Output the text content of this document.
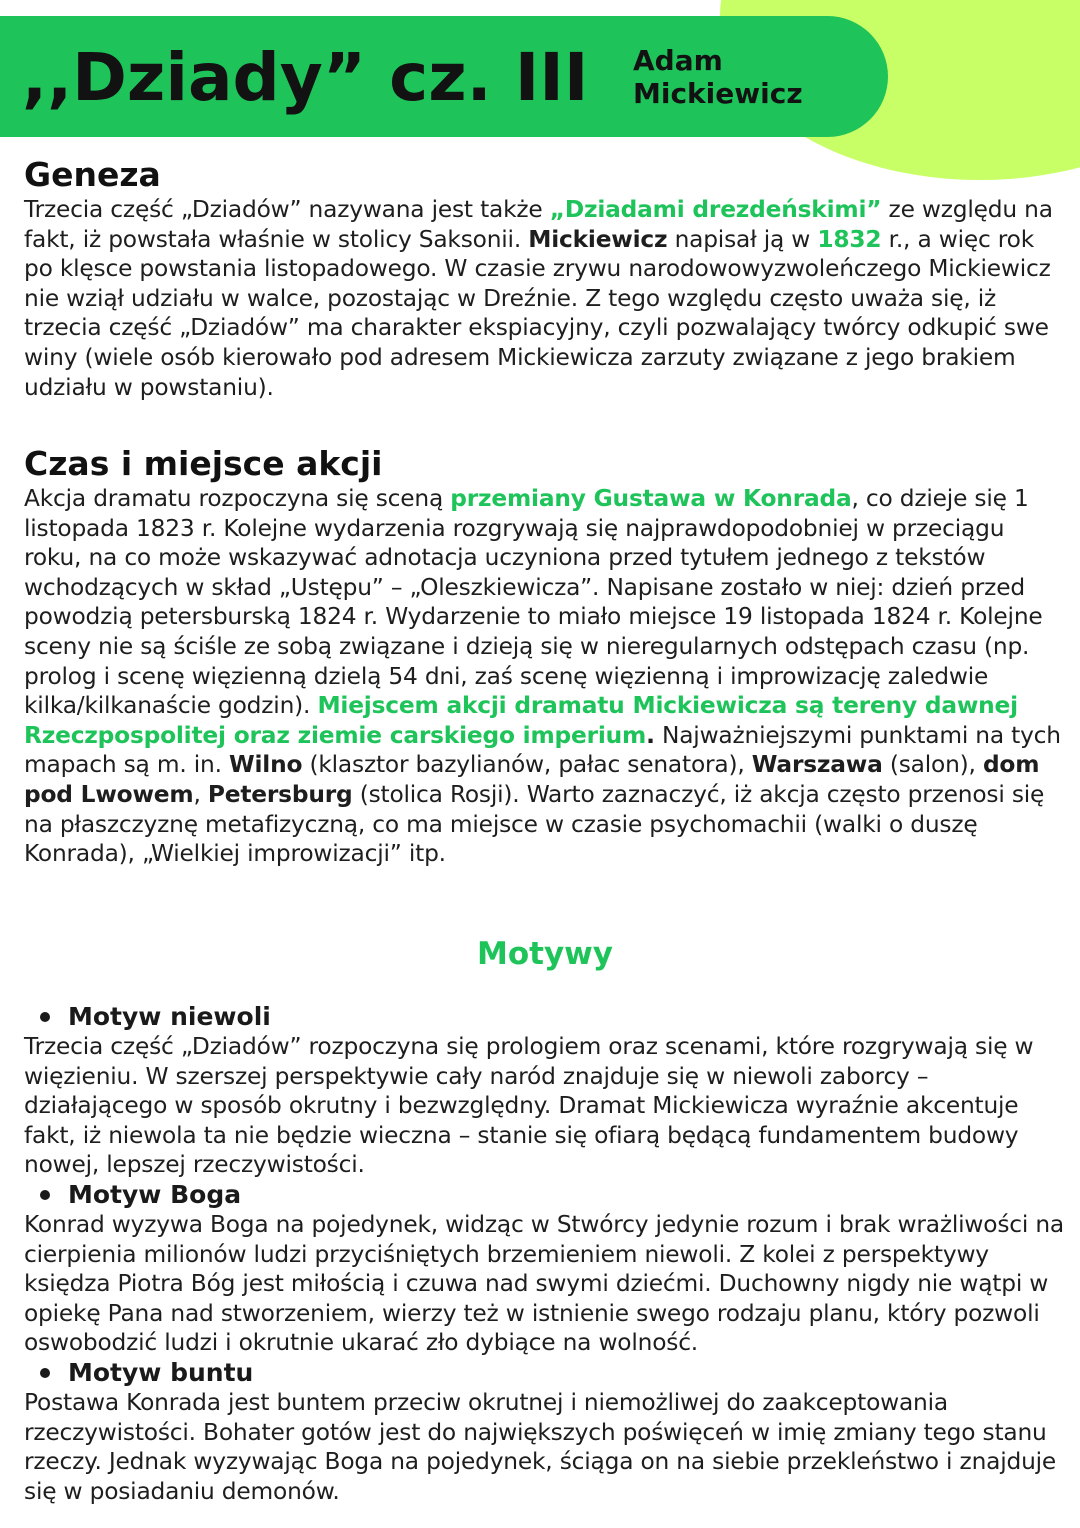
,,Dziady” cz. III Adam
Mickiewicz
Geneza

Trzecia część „Dziadów” nazywana jest także „Dziadami drezdeńskimi” ze względu na fakt, iż powstała właśnie w stolicy Saksonii. Mickiewicz napisał ją w 1832 r., a więc rok po klęsce powstania listopadowego. W czasie zrywu narodowowyzwoleńczego Mickiewicz nie wziął udziału w walce, pozostając w Dreźnie. Z tego względu często uważa się, iż trzecia część „Dziadów” ma charakter ekspiacyjny, czyli pozwalający twórcy odkupić swe winy (wiele osób kierowało pod adresem Mickiewicza zarzuty związane z jego brakiem udziału w powstaniu).

Czas i miejsce akcji

Akcja dramatu rozpoczyna się sceną przemiany Gustawa w Konrada, co dzieje się 1 listopada 1823 r. Kolejne wydarzenia rozgrywają się najprawdopodobniej w przeciągu roku, na co może wskazywać adnotacja uczyniona przed tytułem jednego z tekstów wchodzących w skład „Ustępu” – „Oleszkiewicza”. Napisane zostało w niej: dzień przed powodzią petersburską 1824 r. Wydarzenie to miało miejsce 19 listopada 1824 r. Kolejne sceny nie są ściśle ze sobą związane i dzieją się w nieregularnych odstępach czasu (np. prolog i scenę więzienną dzielą 54 dni, zaś scenę więzienną i improwizację zaledwie kilka/kilkanaście godzin). Miejscem akcji dramatu Mickiewicza są tereny dawnej Rzeczpospolitej oraz ziemie carskiego imperium. Najważniejszymi punktami na tych mapach są m. in. Wilno (klasztor bazylianów, pałac senatora), Warszawa (salon), dom pod Lwowem, Petersburg (stolica Rosji). Warto zaznaczyć, iż akcja często przenosi się na płaszczyznę metafizyczną, co ma miejsce w czasie psychomachii (walki o duszę Konrada), „Wielkiej improwizacji” itp.

Motywy
Motyw niewoli

Trzecia część „Dziadów” rozpoczyna się prologiem oraz scenami, które rozgrywają się w więzieniu. W szerszej perspektywie cały naród znajduje się w niewoli zaborcy – działającego w sposób okrutny i bezwzględny. Dramat Mickiewicza wyraźnie akcentuje fakt, iż niewola ta nie będzie wieczna – stanie się ofiarą będącą fundamentem budowy nowej, lepszej rzeczywistości.

Motyw Boga

Konrad wyzywa Boga na pojedynek, widząc w Stwórcy jedynie rozum i brak wrażliwości na cierpienia milionów ludzi przyciśniętych brzemieniem niewoli. Z kolei z perspektywy księdza Piotra Bóg jest miłością i czuwa nad swymi dziećmi. Duchowny nigdy nie wątpi w opiekę Pana nad stworzeniem, wierzy też w istnienie swego rodzaju planu, który pozwoli oswobodzić ludzi i okrutnie ukarać zło dybiące na wolność.

Motyw buntu

Postawa Konrada jest buntem przeciw okrutnej i niemożliwej do zaakceptowania rzeczywistości. Bohater gotów jest do największych poświęceń w imię zmiany tego stanu rzeczy. Jednak wyzywając Boga na pojedynek, ściąga on na siebie przekleństwo i znajduje się w posiadaniu demonów.
